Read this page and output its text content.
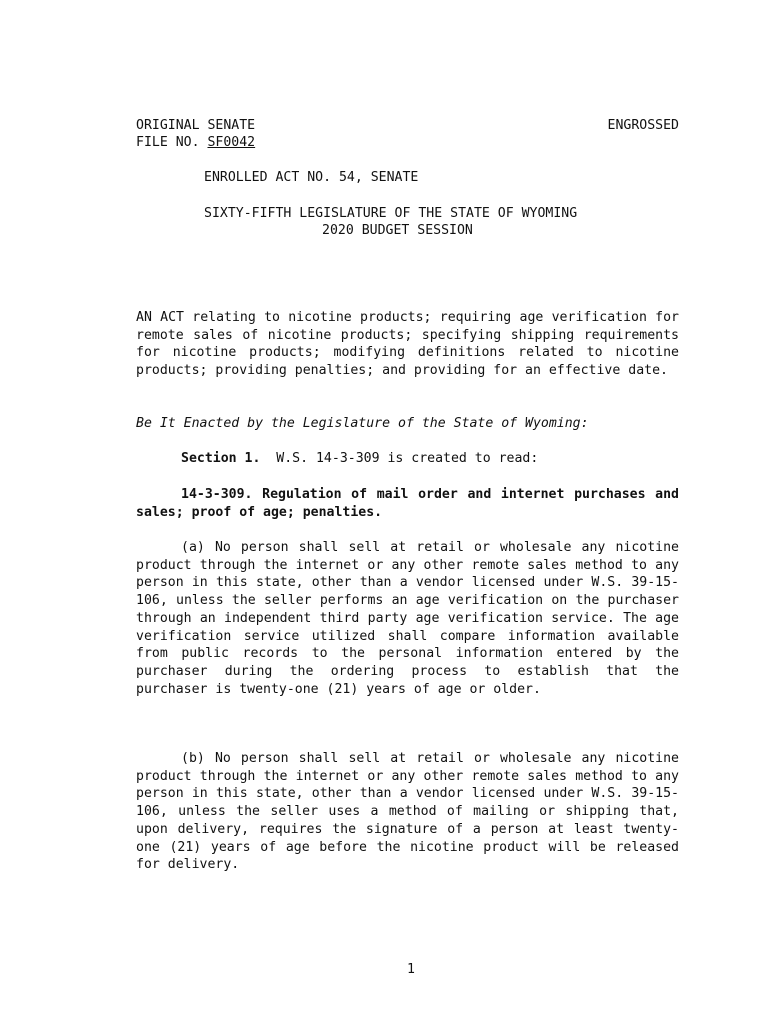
ORIGINAL SENATE	ENGROSSED
FILE NO. SF0042
ENROLLED ACT NO. 54, SENATE
SIXTY-FIFTH LEGISLATURE OF THE STATE OF WYOMING
2020 BUDGET SESSION
AN ACT relating to nicotine products; requiring age verification for remote sales of nicotine products; specifying shipping requirements for nicotine products; modifying definitions related to nicotine products; providing penalties; and providing for an effective date.
Be It Enacted by the Legislature of the State of Wyoming:
Section 1. W.S. 14-3-309 is created to read:
14-3-309. Regulation of mail order and internet purchases and sales; proof of age; penalties.
(a) No person shall sell at retail or wholesale any nicotine product through the internet or any other remote sales method to any person in this state, other than a vendor licensed under W.S. 39-15-106, unless the seller performs an age verification on the purchaser through an independent third party age verification service. The age verification service utilized shall compare information available from public records to the personal information entered by the purchaser during the ordering process to establish that the purchaser is twenty-one (21) years of age or older.
(b) No person shall sell at retail or wholesale any nicotine product through the internet or any other remote sales method to any person in this state, other than a vendor licensed under W.S. 39-15-106, unless the seller uses a method of mailing or shipping that, upon delivery, requires the signature of a person at least twenty-one (21) years of age before the nicotine product will be released for delivery.
1
